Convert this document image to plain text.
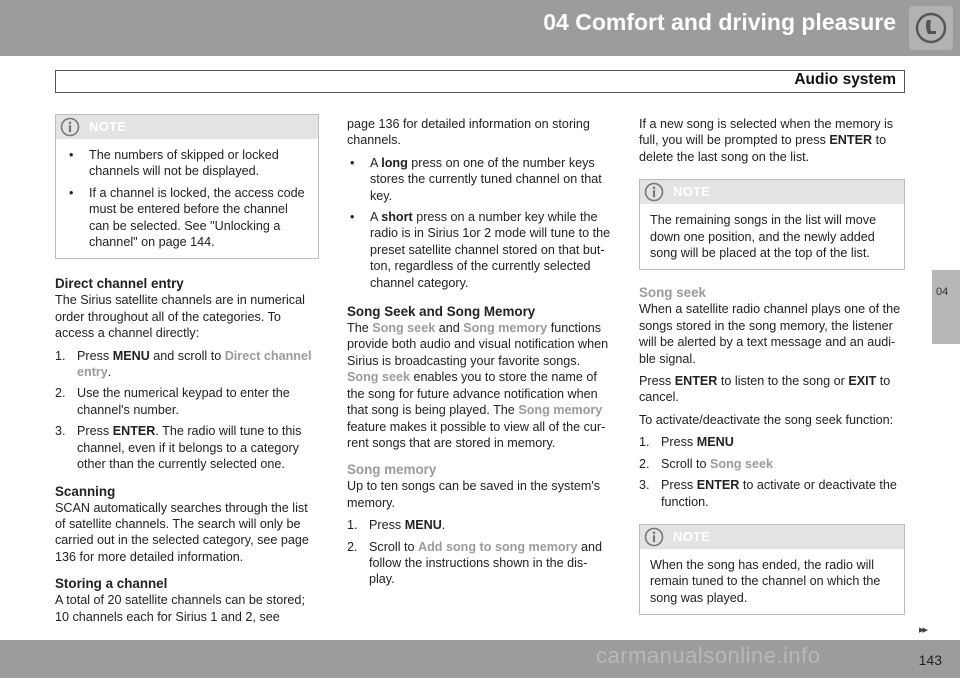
04 Comfort and driving pleasure
Audio system
04
NOTE
• The numbers of skipped or locked channels will not be displayed.
• If a channel is locked, the access code must be entered before the channel can be selected. See "Unlocking a channel" on page 144.
Direct channel entry

The Sirius satellite channels are in numerical order throughout all of the categories. To access a channel directly:

1. Press MENU and scroll to Direct channel entry.
2. Use the numerical keypad to enter the channel's number.
3. Press ENTER. The radio will tune to this channel, even if it belongs to a category other than the currently selected one.
Scanning

SCAN automatically searches through the list of satellite channels. The search will only be carried out in the selected category, see page 136 for more detailed information.

Storing a channel

A total of 20 satellite channels can be stored; 10 channels each for Sirius 1 and 2, see

page 136 for detailed information on storing channels.

• A long press on one of the number keys stores the currently tuned channel on that key.
• A short press on a number key while the radio is in Sirius 1or 2 mode will tune to the preset satellite channel stored on that but-ton, regardless of the currently selected channel category.
Song Seek and Song Memory

The Song seek and Song memory functions provide both audio and visual notification when Sirius is broadcasting your favorite songs. Song seek enables you to store the name of the song for future advance notification when that song is being played. The Song memory feature makes it possible to view all of the cur-rent songs that are stored in memory.

Song memory

Up to ten songs can be saved in the system's memory.

1. Press MENU.
2. Scroll to Add song to song memory and follow the instructions shown in the dis-play.

If a new song is selected when the memory is full, you will be prompted to press ENTER to delete the last song on the list.

NOTE
The remaining songs in the list will move down one position, and the newly added song will be placed at the top of the list.
Song seek

When a satellite radio channel plays one of the songs stored in the song memory, the listener will be alerted by a text message and an audi-ble signal.

Press ENTER to listen to the song or EXIT to cancel.

To activate/deactivate the song seek function:

1. Press MENU
2. Scroll to Song seek
3. Press ENTER to activate or deactivate the function.
NOTE
When the song has ended, the radio will remain tuned to the channel on which the song was played.
▸▸
143
carmanualsonline.info
